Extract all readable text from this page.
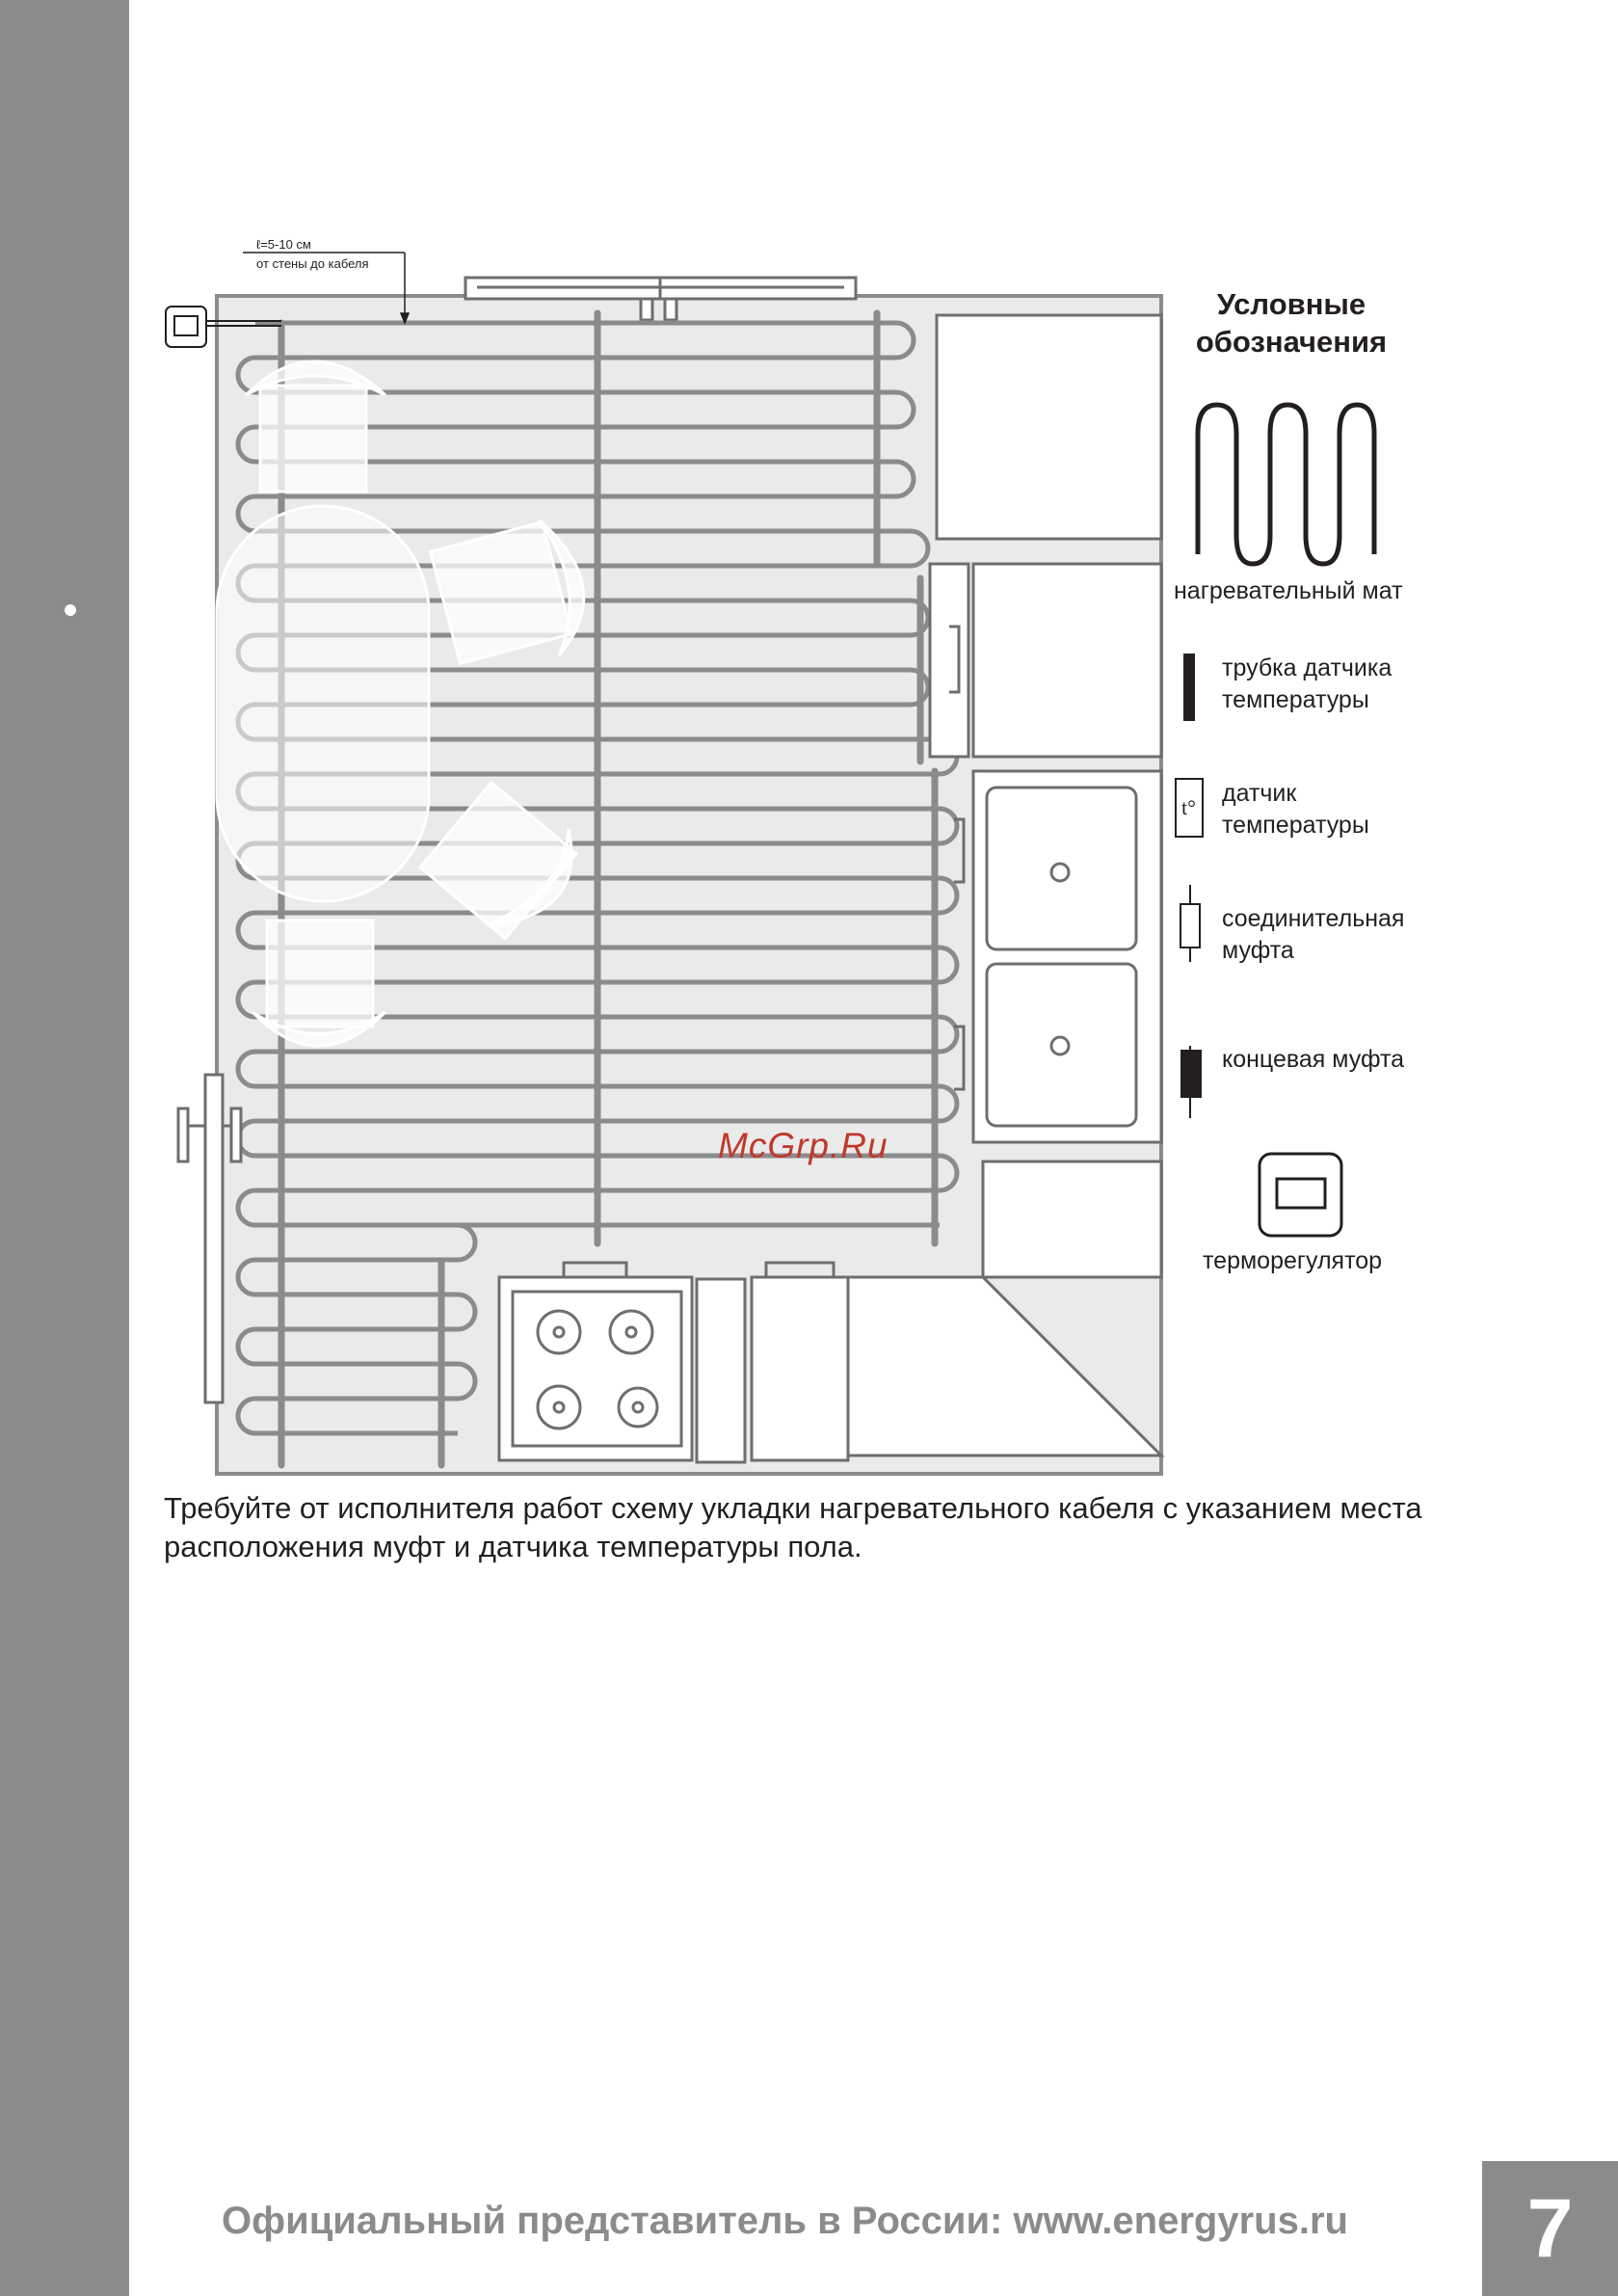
t°
ℓ=5-10 см
от стены до кабеля
Условные обозначения
нагревательный мат
трубка датчика температуры
датчик температуры
соединительная муфта
концевая муфта
терморегулятор
McGrp.Ru
Требуйте от исполнителя работ схему укладки нагревательного кабеля с указанием места расположения муфт и датчика температуры пола.
Официальный представитель в России: www.energyrus.ru	7
